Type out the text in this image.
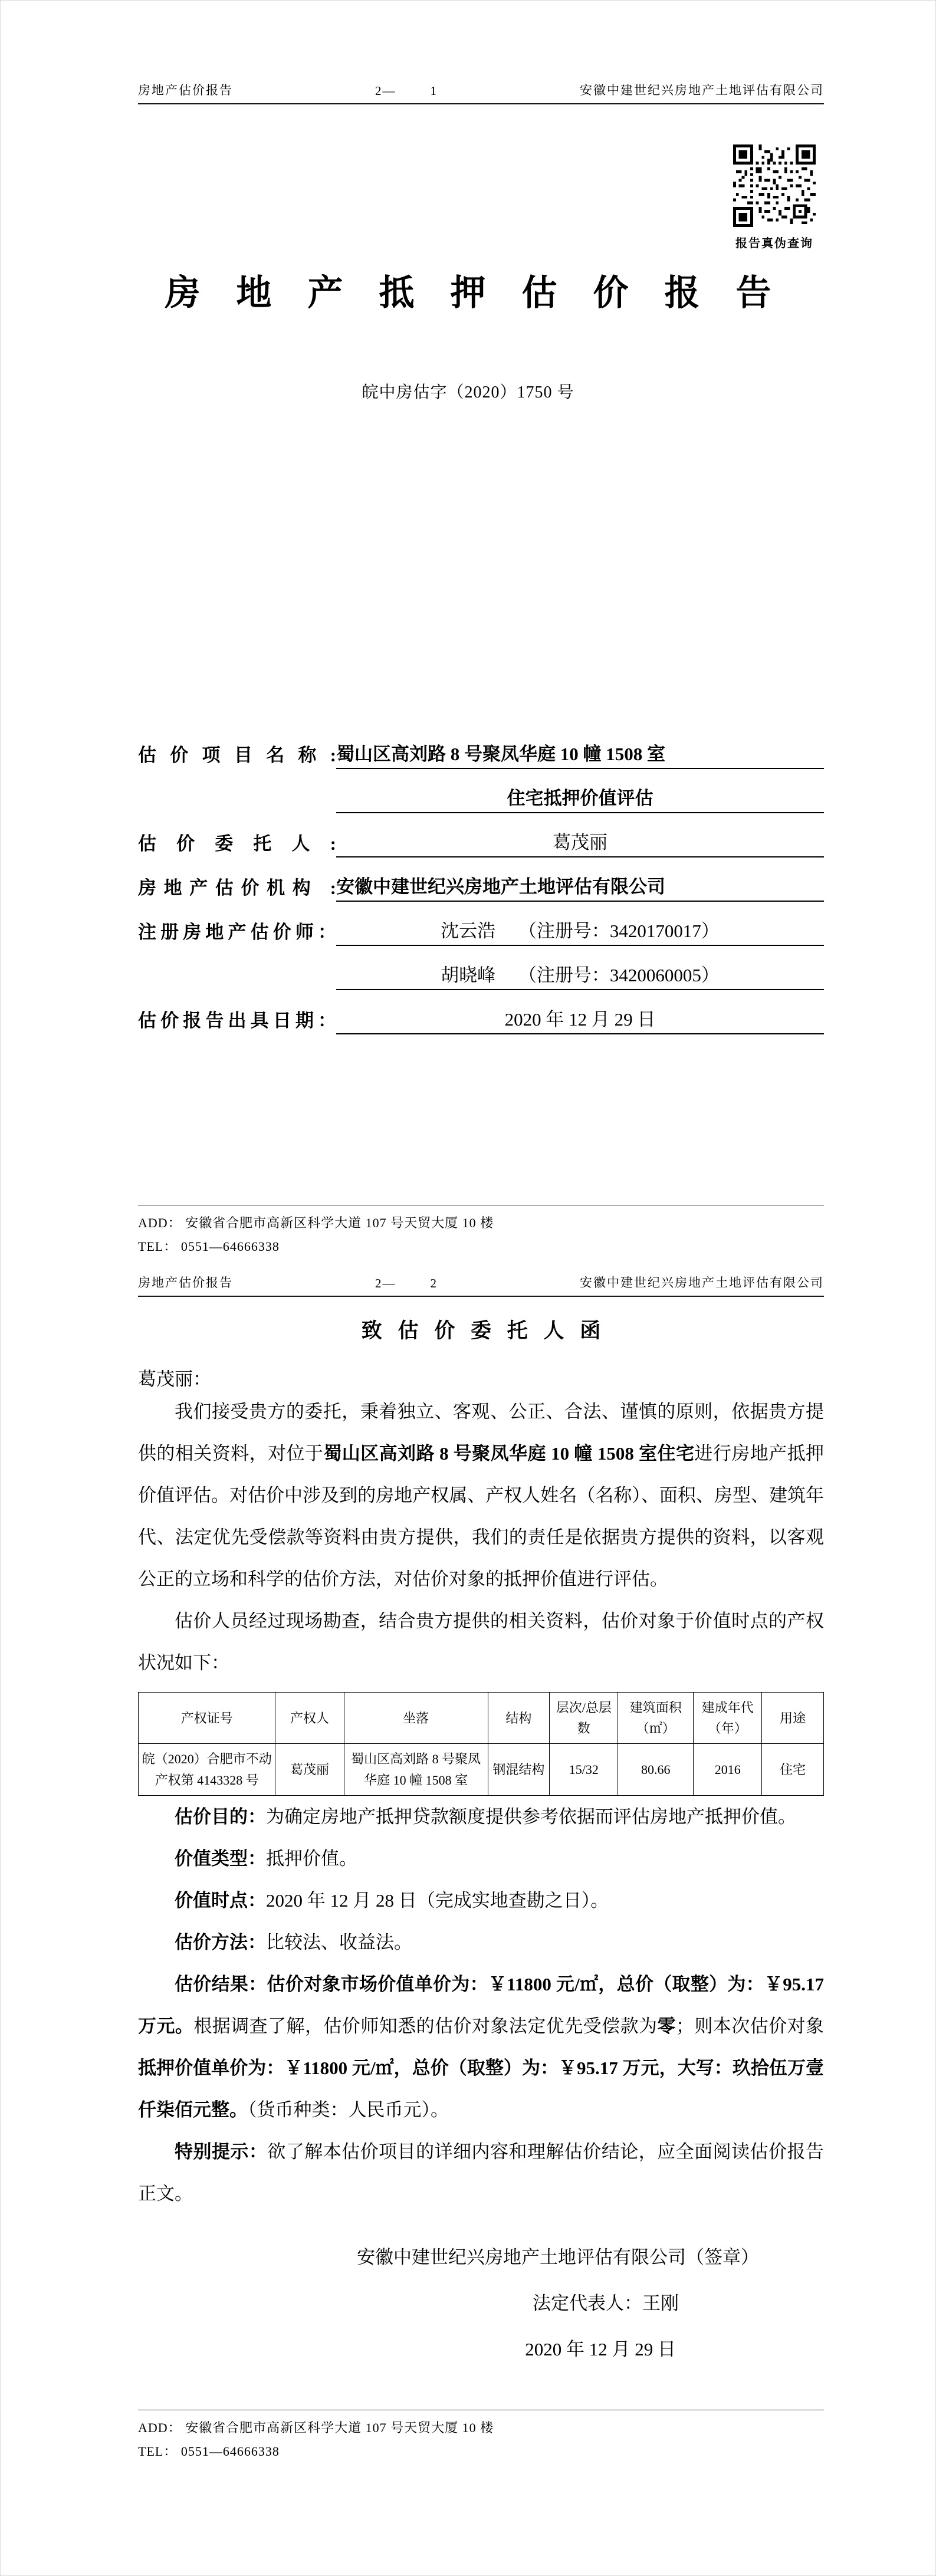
房地产估价报告	2—        1	安徽中建世纪兴房地产土地评估有限公司
报告真伪查询
房 地 产 抵 押 估 价 报 告
皖中房估字（2020）1750 号
估 价 项 目 名 称 : 蜀山区高刘路 8 号聚凤华庭 10 幢 1508 室
住宅抵押价值评估
估 价 委 托 人 :	葛茂丽
房地产估价机构 : 安徽中建世纪兴房地产土地评估有限公司
注册房地产估价师：	沈云浩　 （注册号：3420170017）
胡晓峰　 （注册号：3420060005）
估价报告出具日期：	2020 年 12 月 29 日
ADD： 安徽省合肥市高新区科学大道 107 号天贸大厦 10 楼
TEL： 0551—64666338
房地产估价报告	2—        2	安徽中建世纪兴房地产土地评估有限公司
致 估 价 委 托 人 函
葛茂丽：

我们接受贵方的委托，秉着独立、客观、公正、合法、谨慎的原则，依据贵方提供的相关资料，对位于蜀山区高刘路 8 号聚凤华庭 10 幢 1508 室住宅进行房地产抵押价值评估。对估价中涉及到的房地产权属、产权人姓名（名称）、面积、房型、建筑年代、法定优先受偿款等资料由贵方提供，我们的责任是依据贵方提供的资料，以客观公正的立场和科学的估价方法，对估价对象的抵押价值进行评估。

估价人员经过现场勘查，结合贵方提供的相关资料，估价对象于价值时点的产权状况如下：

产权证号	产权人	坐落	结构	层次/总层数	建筑面积（㎡）	建成年代（年）	用途
皖（2020）合肥市不动产权第 4143328 号	葛茂丽	蜀山区高刘路 8 号聚凤华庭 10 幢 1508 室	钢混结构	15/32	80.66	2016	住宅

估价目的：为确定房地产抵押贷款额度提供参考依据而评估房地产抵押价值。

价值类型：抵押价值。

价值时点：2020 年 12 月 28 日（完成实地查勘之日）。

估价方法：比较法、收益法。

估价结果：估价对象市场价值单价为：￥11800 元/㎡，总价（取整）为：￥95.17 万元。根据调查了解，估价师知悉的估价对象法定优先受偿款为零；则本次估价对象抵押价值单价为：￥11800 元/㎡，总价（取整）为：￥95.17 万元，大写：玖拾伍万壹仟柒佰元整。（货币种类：人民币元）。

特别提示：欲了解本估价项目的详细内容和理解估价结论，应全面阅读估价报告正文。

安徽中建世纪兴房地产土地评估有限公司（签章）
法定代表人：王刚
2020 年 12 月 29 日
ADD： 安徽省合肥市高新区科学大道 107 号天贸大厦 10 楼
TEL： 0551—64666338
